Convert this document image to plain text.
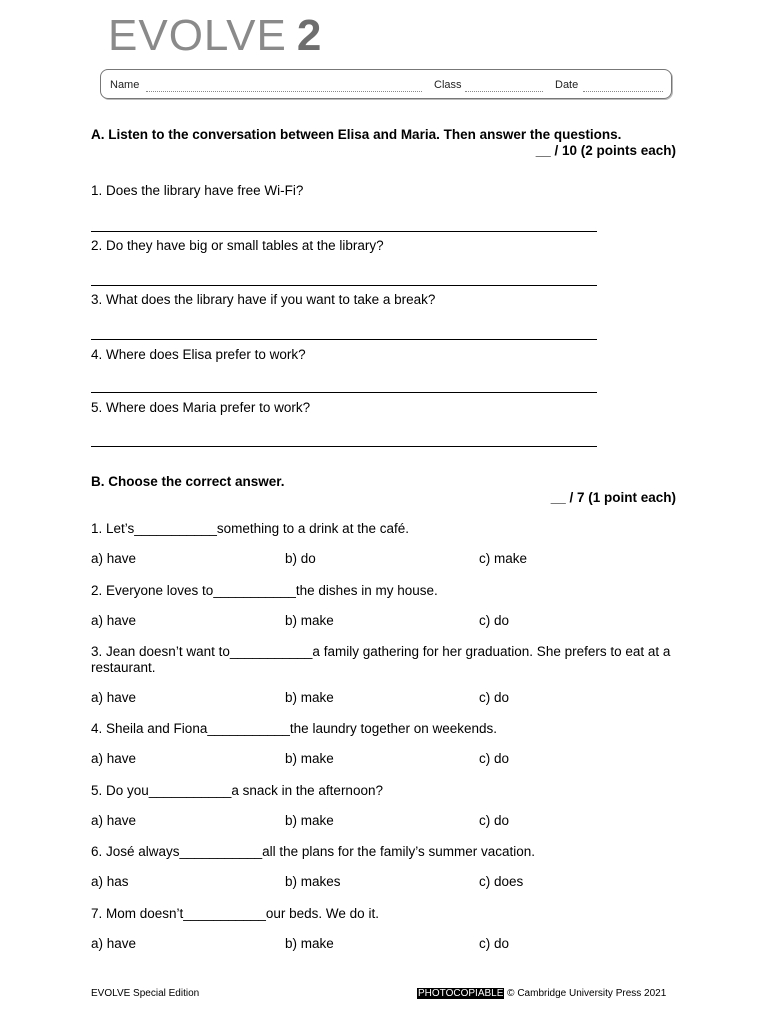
EVOLVE 2
Name	Class	Date
A. Listen to the conversation between Elisa and Maria. Then answer the questions.
__ / 10 (2 points each)
1. Does the library have free Wi-Fi?
2. Do they have big or small tables at the library?
3. What does the library have if you want to take a break?
4. Where does Elisa prefer to work?
5. Where does Maria prefer to work?
B. Choose the correct answer.
__ / 7 (1 point each)
1. Let’s___________something to a drink at the café.
a) have	b) do	c) make
2. Everyone loves to___________the dishes in my house.
a) have	b) make	c) do
3. Jean doesn’t want to___________a family gathering for her graduation. She prefers to eat at a restaurant.
a) have	b) make	c) do
4. Sheila and Fiona___________the laundry together on weekends.
a) have	b) make	c) do
5. Do you___________a snack in the afternoon?
a) have	b) make	c) do
6. José always___________all the plans for the family’s summer vacation.
a) has	b) makes	c) does
7. Mom doesn’t___________our beds. We do it.
a) have	b) make	c) do
EVOLVE Special Edition	PHOTOCOPIABLE © Cambridge University Press 2021
